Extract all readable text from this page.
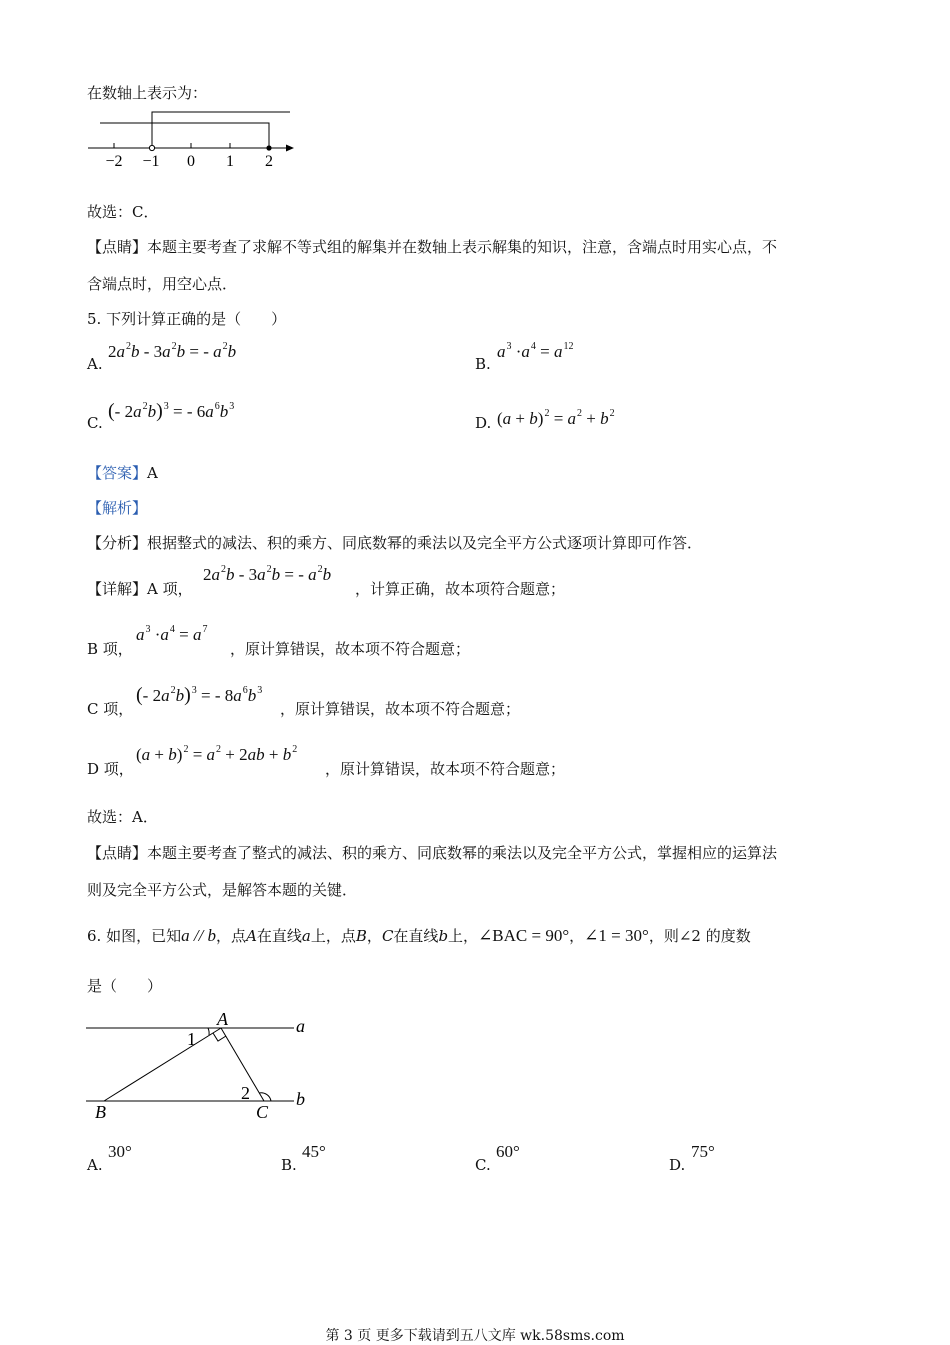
在数轴上表示为：
−2 −1 0 1 2
故选：C．
【点睛】本题主要考查了求解不等式组的解集并在数轴上表示解集的知识，注意，含端点时用实心点，不
含端点时，用空心点．
5. 下列计算正确的是（　　）
A.
$2a^2b - 3a^2b$ = - $a^2b$
B.
$a^3 \cdot a^4 = a^{12}$
C.
(- $2a^2b)^3$ = - $6a^6b^3$
D. $(a + b)^2 = a^2 + b^2$
【答案】A
【解析】
【分析】根据整式的减法、积的乘方、同底数幂的乘法以及完全平方公式逐项计算即可作答．
【详解】A 项，
$2a^2b - 3a^2b$ = - $a^2b$
，计算正确，故本项符合题意；
B 项，
$a^3 \cdot a^4 = a^7$
，原计算错误，故本项不符合题意；
C 项，
(- $2a^2b)^3$ = - $8a^6b^3$
，原计算错误，故本项不符合题意；
D 项，
$(a + b)^2 = a^2 + 2ab + b^2$
，原计算错误，故本项不符合题意；
故选：A．
【点睛】本题主要考查了整式的减法、积的乘方、同底数幂的乘法以及完全平方公式，掌握相应的运算法
则及完全平方公式，是解答本题的关键．
6. 如图，已知a // b，点A在直线a上，点B，C在直线b上，∠BAC = 90°，∠1 = 30°，则∠2 的度数
是（　　）
A	a
B	C
b
1
2
A.
30°
B.
45°
C.
60°
D.
75°
第 3 页 更多下载请到五八文库 wk.58sms.com
